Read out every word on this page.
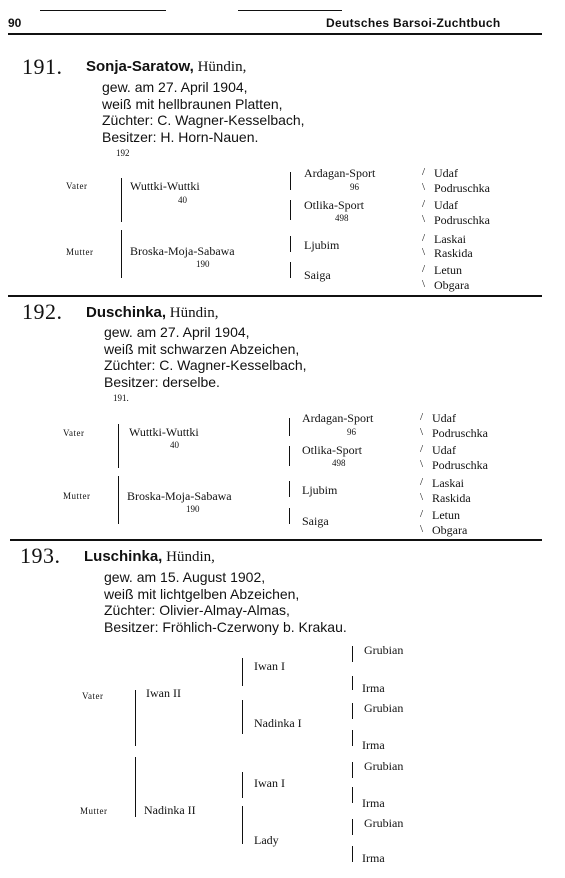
90	Deutsches Barsoi-Zuchtbuch
191. Sonja-Saratow, Hündin,
gew. am 27. April 1904,
weiß mit hellbraunen Platten,
Züchter: C. Wagner-Kesselbach,
Besitzer: H. Horn-Nauen.
192
Vater
Mutter
Wuttki-Wuttki
40
Broska-Moja-Sabawa
190
Ardagan-Sport
96
Otlika-Sport
498
Ljubim
Saiga
/
\
Udaf
Podruschka
/
\
Udaf
Podruschka
/
\
Laskai
Raskida
/
\
Letun
Obgara
192. Duschinka, Hündin,
gew. am 27. April 1904,
weiß mit schwarzen Abzeichen,
Züchter: C. Wagner-Kesselbach,
Besitzer: derselbe.
191.
Vater
Mutter
Wuttki-Wuttki
40
Broska-Moja-Sabawa
190
Ardagan-Sport
96
Otlika-Sport
498
Ljubim
Saiga
/
\
Udaf
Podruschka
/
\
Udaf
Podruschka
/
\
Laskai
Raskida
/
\
Letun
Obgara
193. Luschinka, Hündin,
gew. am 15. August 1902,
weiß mit lichtgelben Abzeichen,
Züchter: Olivier-Almay-Almas,
Besitzer: Fröhlich-Czerwony b. Krakau.
Vater
Mutter
Iwan II
Nadinka II
Iwan I
Nadinka I
Iwan I
Lady
Grubian
Irma
Grubian
Irma
Grubian
Irma
Grubian
Irma
